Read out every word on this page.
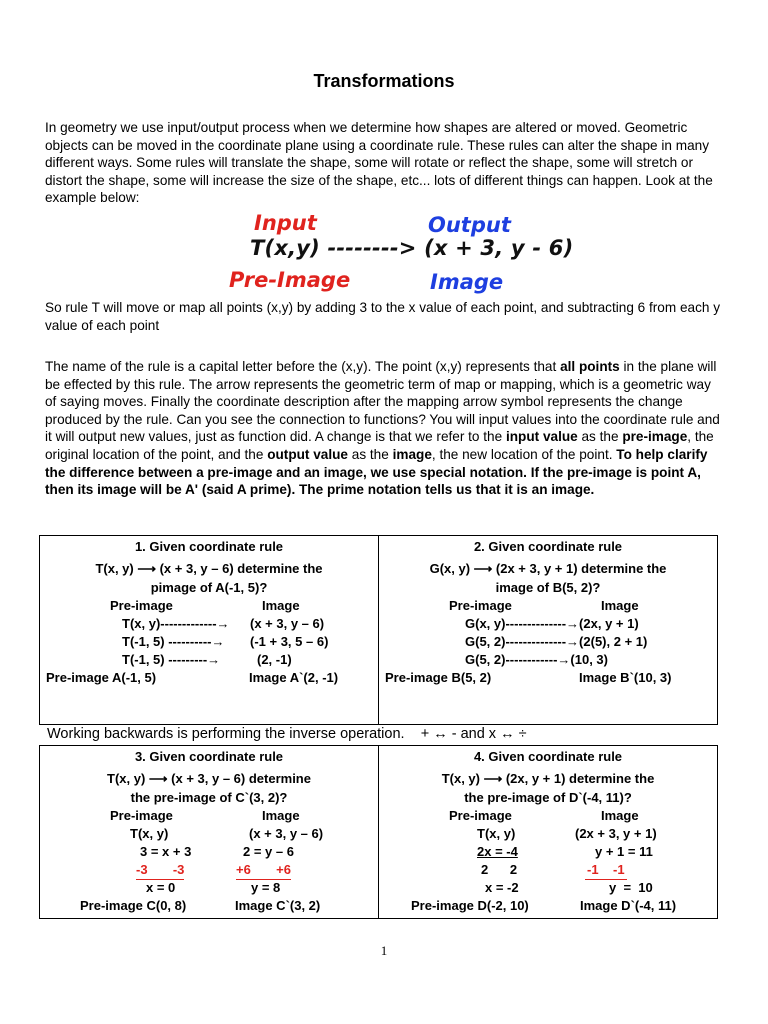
Transformations
In geometry we use input/output process when we determine how shapes are altered or moved. Geometric objects can be moved in the coordinate plane using a coordinate rule. These rules can alter the shape in many different ways. Some rules will translate the shape, some will rotate or reflect the shape, some will stretch or distort the shape, some will increase the size of the shape, etc... lots of different things can happen. Look at the example below:
Input	Output
T(x,y) --------> (x + 3, y - 6)
Pre-Image	Image
So rule T will move or map all points (x,y) by adding 3 to the x value of each point, and subtracting 6 from each y value of each point
The name of the rule is a capital letter before the (x,y). The point (x,y) represents that all points in the plane will be effected by this rule. The arrow represents the geometric term of map or mapping, which is a geometric way of saying moves. Finally the coordinate description after the mapping arrow symbol represents the change produced by the rule. Can you see the connection to functions? You will input values into the coordinate rule and it will output new values, just as function did. A change is that we refer to the input value as the pre-image, the original location of the point, and the output value as the image, the new location of the point. To help clarify the difference between a pre-image and an image, we use special notation. If the pre-image is point A, then its image will be A' (said A prime). The prime notation tells us that it is an image.
1. Given coordinate rule
T(x, y) ⟶ (x + 3, y – 6) determine the
pimage of A(-1, 5)?
Pre-image	Image
T(x, y)-------------→ (x + 3, y – 6)
T(-1, 5) ----------→ (-1 + 3, 5 – 6)
T(-1, 5) ---------→	(2, -1)
Pre-image A(-1, 5)	Image A`(2, -1)

2. Given coordinate rule
G(x, y) ⟶ (2x + 3, y + 1) determine the
image of B(5, 2)?
Pre-image	Image
G(x, y)--------------→(2x, y + 1)
G(5, 2)--------------→(2(5), 2 + 1)
G(5, 2)------------→(10, 3)
Pre-image B(5, 2)	Image B`(10, 3)
Working backwards is performing the inverse operation. + ↔ - and x ↔ ÷
3. Given coordinate rule
T(x, y) ⟶ (x + 3, y – 6) determine
the pre-image of C`(3, 2)?
Pre-image	Image
T(x, y)	(x + 3, y – 6)
3 = x + 3	2 = y – 6
-3       -3	+6       +6
x = 0	y = 8
Pre-image C(0, 8)	Image C`(3, 2)

4. Given coordinate rule
T(x, y) ⟶ (2x, y + 1) determine the
the pre-image of D`(-4, 11)?
Pre-image	Image
T(x, y)	(2x + 3, y + 1)
2x = -4	y + 1 = 11
2      2	-1    -1
x = -2	y  =  10
Pre-image D(-2, 10)	Image D`(-4, 11)
1
